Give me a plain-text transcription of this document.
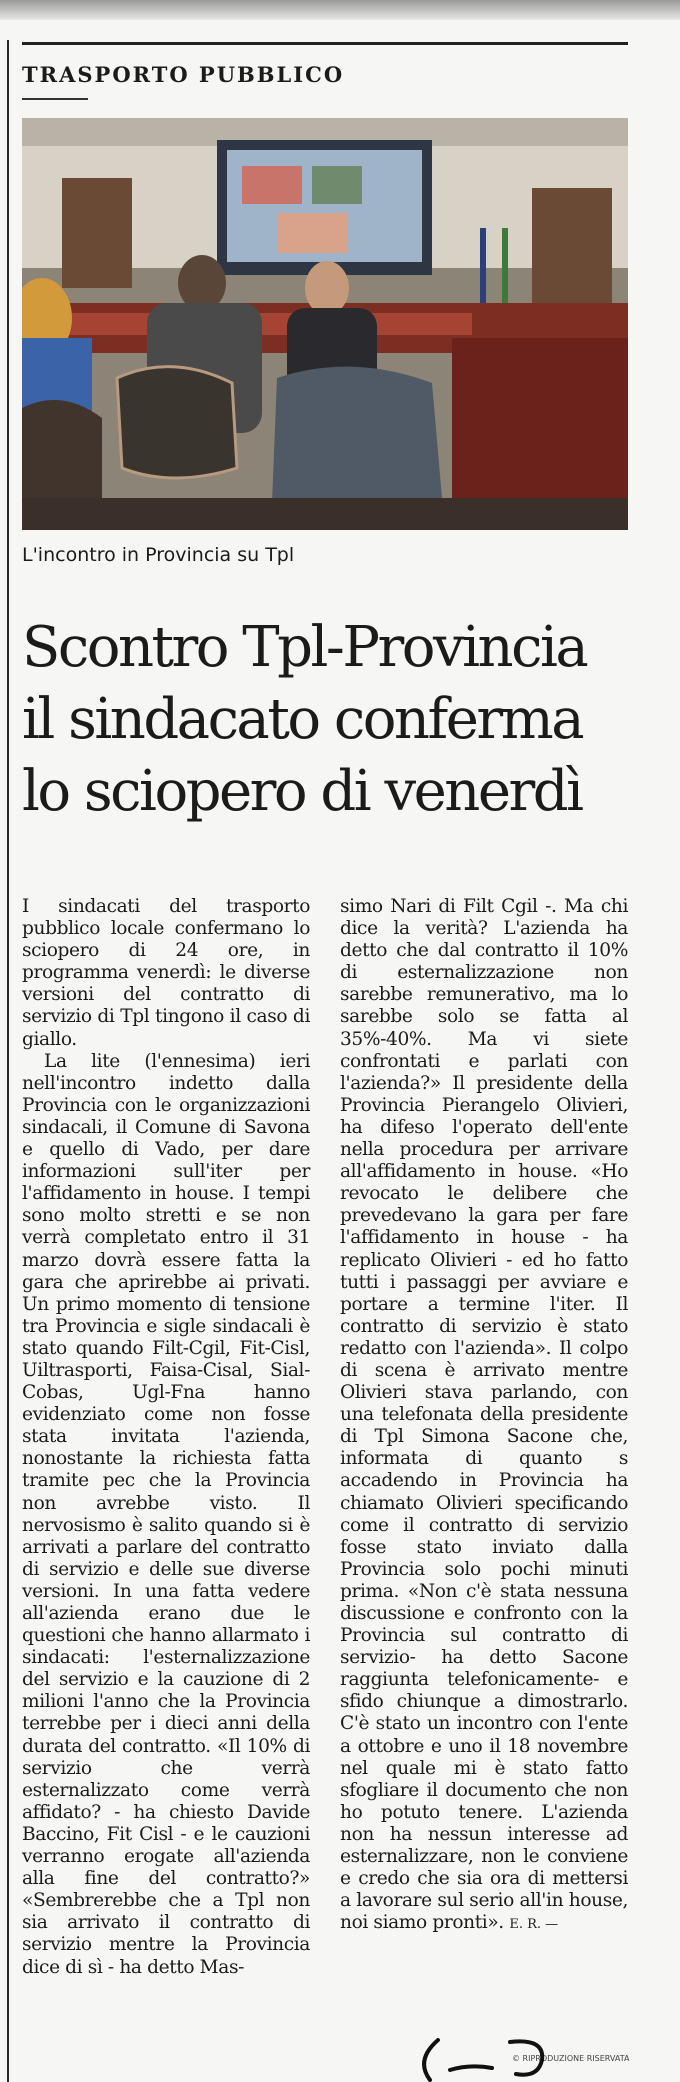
TRASPORTO PUBBLICO
L'incontro in Provincia su Tpl
Scontro Tpl-Provincia
il sindacato conferma
lo sciopero di venerdì

I sindacati del trasporto pubblico locale confermano lo sciopero di 24 ore, in programma venerdì: le diverse versioni del contratto di servizio di Tpl tingono il caso di giallo.

La lite (l'ennesima) ieri nell'incontro indetto dalla Provincia con le organizzazioni sindacali, il Comune di Savona e quello di Vado, per dare informazioni sull'iter per l'affidamento in house. I tempi sono molto stretti e se non verrà completato entro il 31 marzo dovrà essere fatta la gara che aprirebbe ai privati. Un primo momento di tensione tra Provincia e sigle sindacali è stato quando Filt-Cgil, Fit-Cisl, Uiltrasporti, Faisa-Cisal, Sial-Cobas, Ugl-Fna hanno evidenziato come non fosse stata invitata l'azienda, nonostante la richiesta fatta tramite pec che la Provincia non avrebbe visto. Il nervosismo è salito quando si è arrivati a parlare del contratto di servizio e delle sue diverse versioni. In una fatta vedere all'azienda erano due le questioni che hanno allarmato i sindacati: l'esternalizzazione del servizio e la cauzione di 2 milioni l'anno che la Provincia terrebbe per i dieci anni della durata del contratto. «Il 10% di servizio che verrà esternalizzato come verrà affidato? - ha chiesto Davide Baccino, Fit Cisl - e le cauzioni verranno erogate all'azienda alla fine del contratto?» «Sembrerebbe che a Tpl non sia arrivato il contratto di servizio mentre la Provincia dice di sì - ha detto Mas-

simo Nari di Filt Cgil -. Ma chi dice la verità? L'azienda ha detto che dal contratto il 10% di esternalizzazione non sarebbe remunerativo, ma lo sarebbe solo se fatta al 35%-40%. Ma vi siete confrontati e parlati con l'azienda?» Il presidente della Provincia Pierangelo Olivieri, ha difeso l'operato dell'ente nella procedura per arrivare all'affidamento in house. «Ho revocato le delibere che prevedevano la gara per fare l'affidamento in house - ha replicato Olivieri - ed ho fatto tutti i passaggi per avviare e portare a termine l'iter. Il contratto di servizio è stato redatto con l'azienda». Il colpo di scena è arrivato mentre Olivieri stava parlando, con una telefonata della presidente di Tpl Simona Sacone che, informata di quanto s accadendo in Provincia ha chiamato Olivieri specificando come il contratto di servizio fosse stato inviato dalla Provincia solo pochi minuti prima. «Non c'è stata nessuna discussione e confronto con la Provincia sul contratto di servizio- ha detto Sacone raggiunta telefonicamente- e sfido chiunque a dimostrarlo. C'è stato un incontro con l'ente a ottobre e uno il 18 novembre nel quale mi è stato fatto sfogliare il documento che non ho potuto tenere. L'azienda non ha nessun interesse ad esternalizzare, non le conviene e credo che sia ora di mettersi a lavorare sul serio all'in house, noi siamo pronti». E. R. —

© RIPRODUZIONE RISERVATA
